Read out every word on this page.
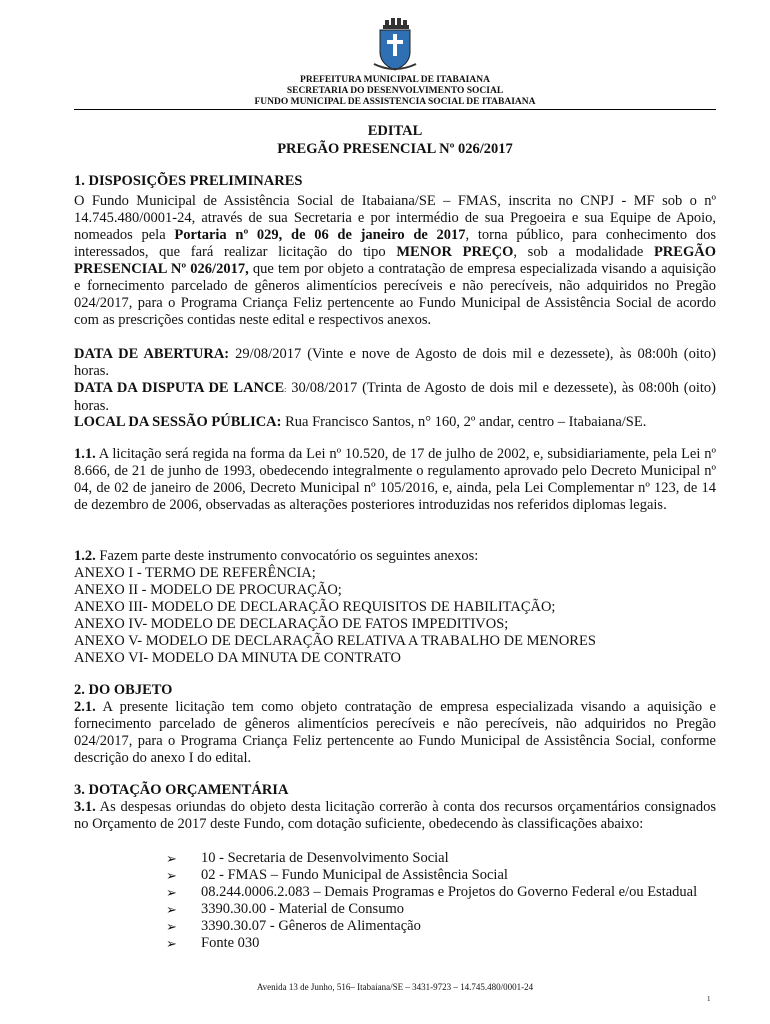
PREFEITURA MUNICIPAL DE ITABAIANA
SECRETARIA DO DESENVOLVIMENTO SOCIAL
FUNDO MUNICIPAL DE ASSISTENCIA SOCIAL DE ITABAIANA
EDITAL
PREGÃO PRESENCIAL Nº 026/2017
1. DISPOSIÇÕES PRELIMINARES
O Fundo Municipal de Assistência Social de Itabaiana/SE – FMAS, inscrita no CNPJ - MF sob o nº 14.745.480/0001-24, através de sua Secretaria e por intermédio de sua Pregoeira e sua Equipe de Apoio, nomeados pela Portaria nº 029, de 06 de janeiro de 2017, torna público, para conhecimento dos interessados, que fará realizar licitação do tipo MENOR PREÇO, sob a modalidade PREGÃO PRESENCIAL Nº 026/2017, que tem por objeto a contratação de empresa especializada visando a aquisição e fornecimento parcelado de gêneros alimentícios perecíveis e não perecíveis, não adquiridos no Pregão 024/2017, para o Programa Criança Feliz pertencente ao Fundo Municipal de Assistência Social de acordo com as prescrições contidas neste edital e respectivos anexos.
DATA DE ABERTURA: 29/08/2017 (Vinte e nove de Agosto de dois mil e dezessete), às 08:00h (oito) horas.
DATA DA DISPUTA DE LANCE: 30/08/2017 (Trinta de Agosto de dois mil e dezessete), às 08:00h (oito) horas.
LOCAL DA SESSÃO PÚBLICA: Rua Francisco Santos, n° 160, 2º andar, centro – Itabaiana/SE.
1.1. A licitação será regida na forma da Lei nº 10.520, de 17 de julho de 2002, e, subsidiariamente, pela Lei nº 8.666, de 21 de junho de 1993, obedecendo integralmente o regulamento aprovado pelo Decreto Municipal nº 04, de 02 de janeiro de 2006, Decreto Municipal nº 105/2016, e, ainda, pela Lei Complementar nº 123, de 14 de dezembro de 2006, observadas as alterações posteriores introduzidas nos referidos diplomas legais.
1.2. Fazem parte deste instrumento convocatório os seguintes anexos:
ANEXO I - TERMO DE REFERÊNCIA;
ANEXO II - MODELO DE PROCURAÇÃO;
ANEXO III- MODELO DE DECLARAÇÃO REQUISITOS DE HABILITAÇÃO;
ANEXO IV- MODELO DE DECLARAÇÃO DE FATOS IMPEDITIVOS;
ANEXO V- MODELO DE DECLARAÇÃO RELATIVA A TRABALHO DE MENORES
ANEXO VI- MODELO DA MINUTA DE CONTRATO
2. DO OBJETO
2.1. A presente licitação tem como objeto contratação de empresa especializada visando a aquisição e fornecimento parcelado de gêneros alimentícios perecíveis e não perecíveis, não adquiridos no Pregão 024/2017, para o Programa Criança Feliz pertencente ao Fundo Municipal de Assistência Social, conforme descrição do anexo I do edital.
3. DOTAÇÃO ORÇAMENTÁRIA
3.1. As despesas oriundas do objeto desta licitação correrão à conta dos recursos orçamentários consignados no Orçamento de 2017 deste Fundo, com dotação suficiente, obedecendo às classificações abaixo:
➢ 10 - Secretaria de Desenvolvimento Social
➢ 02 - FMAS – Fundo Municipal de Assistência Social
➢ 08.244.0006.2.083 – Demais Programas e Projetos do Governo Federal e/ou Estadual
➢ 3390.30.00 - Material de Consumo
➢ 3390.30.07 - Gêneros de Alimentação
➢ Fonte 030
Avenida 13 de Junho, 516– Itabaiana/SE – 3431-9723 – 14.745.480/0001-24
1
